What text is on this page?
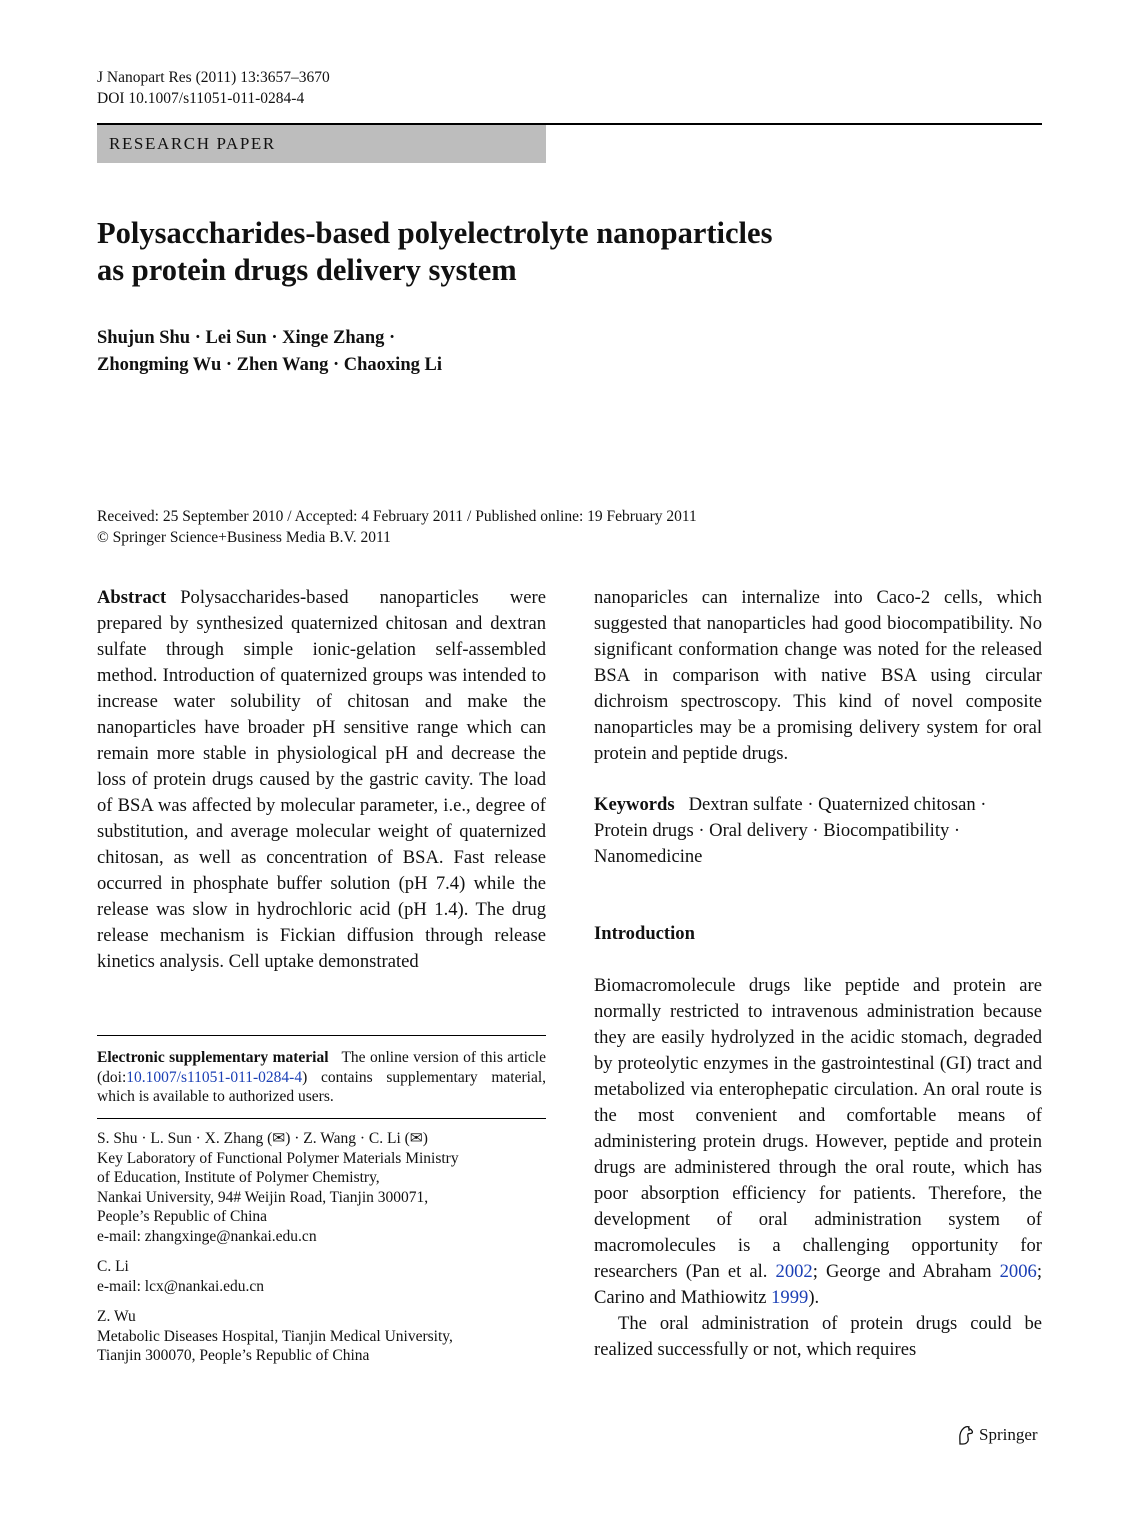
J Nanopart Res (2011) 13:3657–3670
DOI 10.1007/s11051-011-0284-4
RESEARCH PAPER
Polysaccharides-based polyelectrolyte nanoparticles
as protein drugs delivery system
Shujun Shu · Lei Sun · Xinge Zhang ·
Zhongming Wu · Zhen Wang · Chaoxing Li
Received: 25 September 2010 / Accepted: 4 February 2011 / Published online: 19 February 2011
© Springer Science+Business Media B.V. 2011

Abstract Polysaccharides-based nanoparticles were prepared by synthesized quaternized chitosan and dextran sulfate through simple ionic-gelation self-assembled method. Introduction of quaternized groups was intended to increase water solubility of chitosan and make the nanoparticles have broader pH sensitive range which can remain more stable in physiological pH and decrease the loss of protein drugs caused by the gastric cavity. The load of BSA was affected by molecular parameter, i.e., degree of substitution, and average molecular weight of quaternized chitosan, as well as concentration of BSA. Fast release occurred in phosphate buffer solution (pH 7.4) while the release was slow in hydrochloric acid (pH 1.4). The drug release mechanism is Fickian diffusion through release kinetics analysis. Cell uptake demonstrated

Electronic supplementary material The online version of this article (doi:10.1007/s11051-011-0284-4) contains supplementary material, which is available to authorized users.

S. Shu · L. Sun · X. Zhang (✉) · Z. Wang · C. Li (✉)

Key Laboratory of Functional Polymer Materials Ministry

of Education, Institute of Polymer Chemistry,

Nankai University, 94# Weijin Road, Tianjin 300071,

People’s Republic of China

e-mail: zhangxinge@nankai.edu.cn

C. Li

e-mail: lcx@nankai.edu.cn

Z. Wu

Metabolic Diseases Hospital, Tianjin Medical University,

Tianjin 300070, People’s Republic of China

nanoparicles can internalize into Caco-2 cells, which suggested that nanoparticles had good biocompatibility. No significant conformation change was noted for the released BSA in comparison with native BSA using circular dichroism spectroscopy. This kind of novel composite nanoparticles may be a promising delivery system for oral protein and peptide drugs.

Keywords Dextran sulfate · Quaternized chitosan · Protein drugs · Oral delivery · Biocompatibility · Nanomedicine

Introduction

Biomacromolecule drugs like peptide and protein are normally restricted to intravenous administration because they are easily hydrolyzed in the acidic stomach, degraded by proteolytic enzymes in the gastrointestinal (GI) tract and metabolized via enterophepatic circulation. An oral route is the most convenient and comfortable means of administering protein drugs. However, peptide and protein drugs are administered through the oral route, which has poor absorption efficiency for patients. Therefore, the development of oral administration system of macromolecules is a challenging opportunity for researchers (Pan et al. 2002; George and Abraham 2006; Carino and Mathiowitz 1999).

The oral administration of protein drugs could be realized successfully or not, which requires

Springer
